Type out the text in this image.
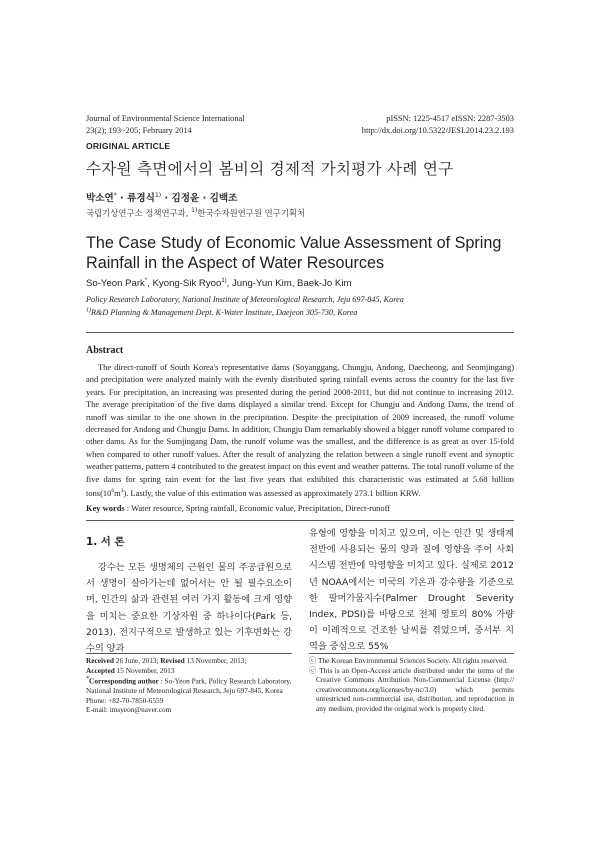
Journal of Environmental Science International
23(2); 193~205; February 2014
pISSN: 1225-4517 eISSN: 2287-3503
http://dx.doi.org/10.5322/JESI.2014.23.2.193
ORIGINAL ARTICLE
수자원 측면에서의 봄비의 경제적 가치평가 사례 연구
박소연* · 류경식$^{1)}$ · 김정윤 · 김백조
국립기상연구소 정책연구과, $^{1)}$한국수자원연구원 연구기획처
The Case Study of Economic Value Assessment of Spring Rainfall in the Aspect of Water Resources
So-Yeon Park*, Kyong-Sik Ryoo$^{1)}$, Jung-Yun Kim, Baek-Jo Kim
Policy Research Laboratory, National Institute of Meteorological Research, Jeju 697-845, Korea
$^{1)}$R&D Planning & Management Dept. K-Water Institute, Daejeon 305-730, Korea
Abstract
The direct-runoff of South Korea's representative dams (Soyanggang, Chungju, Andong, Daecheong, and Seomjingang) and precipitation were analyzed mainly with the evenly distributed spring rainfall events across the country for the last five years. For precipitation, an increasing was presented during the period 2008-2011, but did not continue to increasing 2012. The average precipitation of the five dams displayed a similar trend. Except for Chungju and Andong Dams, the trend of runoff was similar to the one shown in the precipitation. Despite the precipitation of 2009 increased, the runoff volume decreased for Andong and Chungju Dams. In addition, Chungju Dam remarkably showed a bigger runoff volume compared to other dams. As for the Sumjingang Dam, the runoff volume was the smallest, and the difference is as great as over 15-fold when compared to other runoff values. After the result of analyzing the relation between a single runoff event and synoptic weather patterns, pattern 4 contributed to the greatest impact on this event and weather patterns. The total runoff volume of the five dams for spring rain event for the last five years that exhibited this characteristic was estimated at 5.68 billion $tons(10^6m^3)$. Lastly, the value of this estimation was assessed as approximately 273.1 billion KRW.
Key words : Water resource, Spring rainfall, Economic value, Precipitation, Direct-runoff
1. 서 론
강수는 모든 생명체의 근원인 물의 주공급원으로서 생명이 살아가는데 없어서는 안 될 필수요소이며, 인간의 삶과 관련된 여러 가지 활동에 크게 영향을 미치는 중요한 기상자원 중 하나이다(Park 등, 2013). 전지구적으로 발생하고 있는 기후변화는 강수의 양과
유형에 영향을 미치고 있으며, 이는 인간 및 생태계 전반에 사용되는 물의 양과 질에 영향을 주어 사회시스템 전반에 악영향을 미치고 있다. 실제로 2012년 NOAA에서는 미국의 기온과 강수량을 기준으로 한 팔머가뭄지수(Palmer Drought Severity Index, PDSI)를 바탕으로 전체 영토의 80% 가량이 이례적으로 건조한 날씨를 겪었으며, 중서부 지역을 중심으로 55%
Received 26 June, 2013; Revised 13 November, 2013;
Accepted 15 November, 2013
*Corresponding author : So-Yeon Park, Policy Research Laboratory, National Institute of Meteorological Research, Jeju 697-845, Korea
Phone: +82-70-7850-6559
E-mail: imsyeon@naver.com
ⓒ The Korean Environmental Sciences Society. All rights reserved.
ⓒ This is an Open-Access article distributed under the terms of the Creative Commons Attribution Non-Commercial License (http:// creativecommons.org/licenses/by-nc/3.0) which permits unrestricted non-commercial use, distribution, and reproduction in any medium, provided the original work is properly cited.
